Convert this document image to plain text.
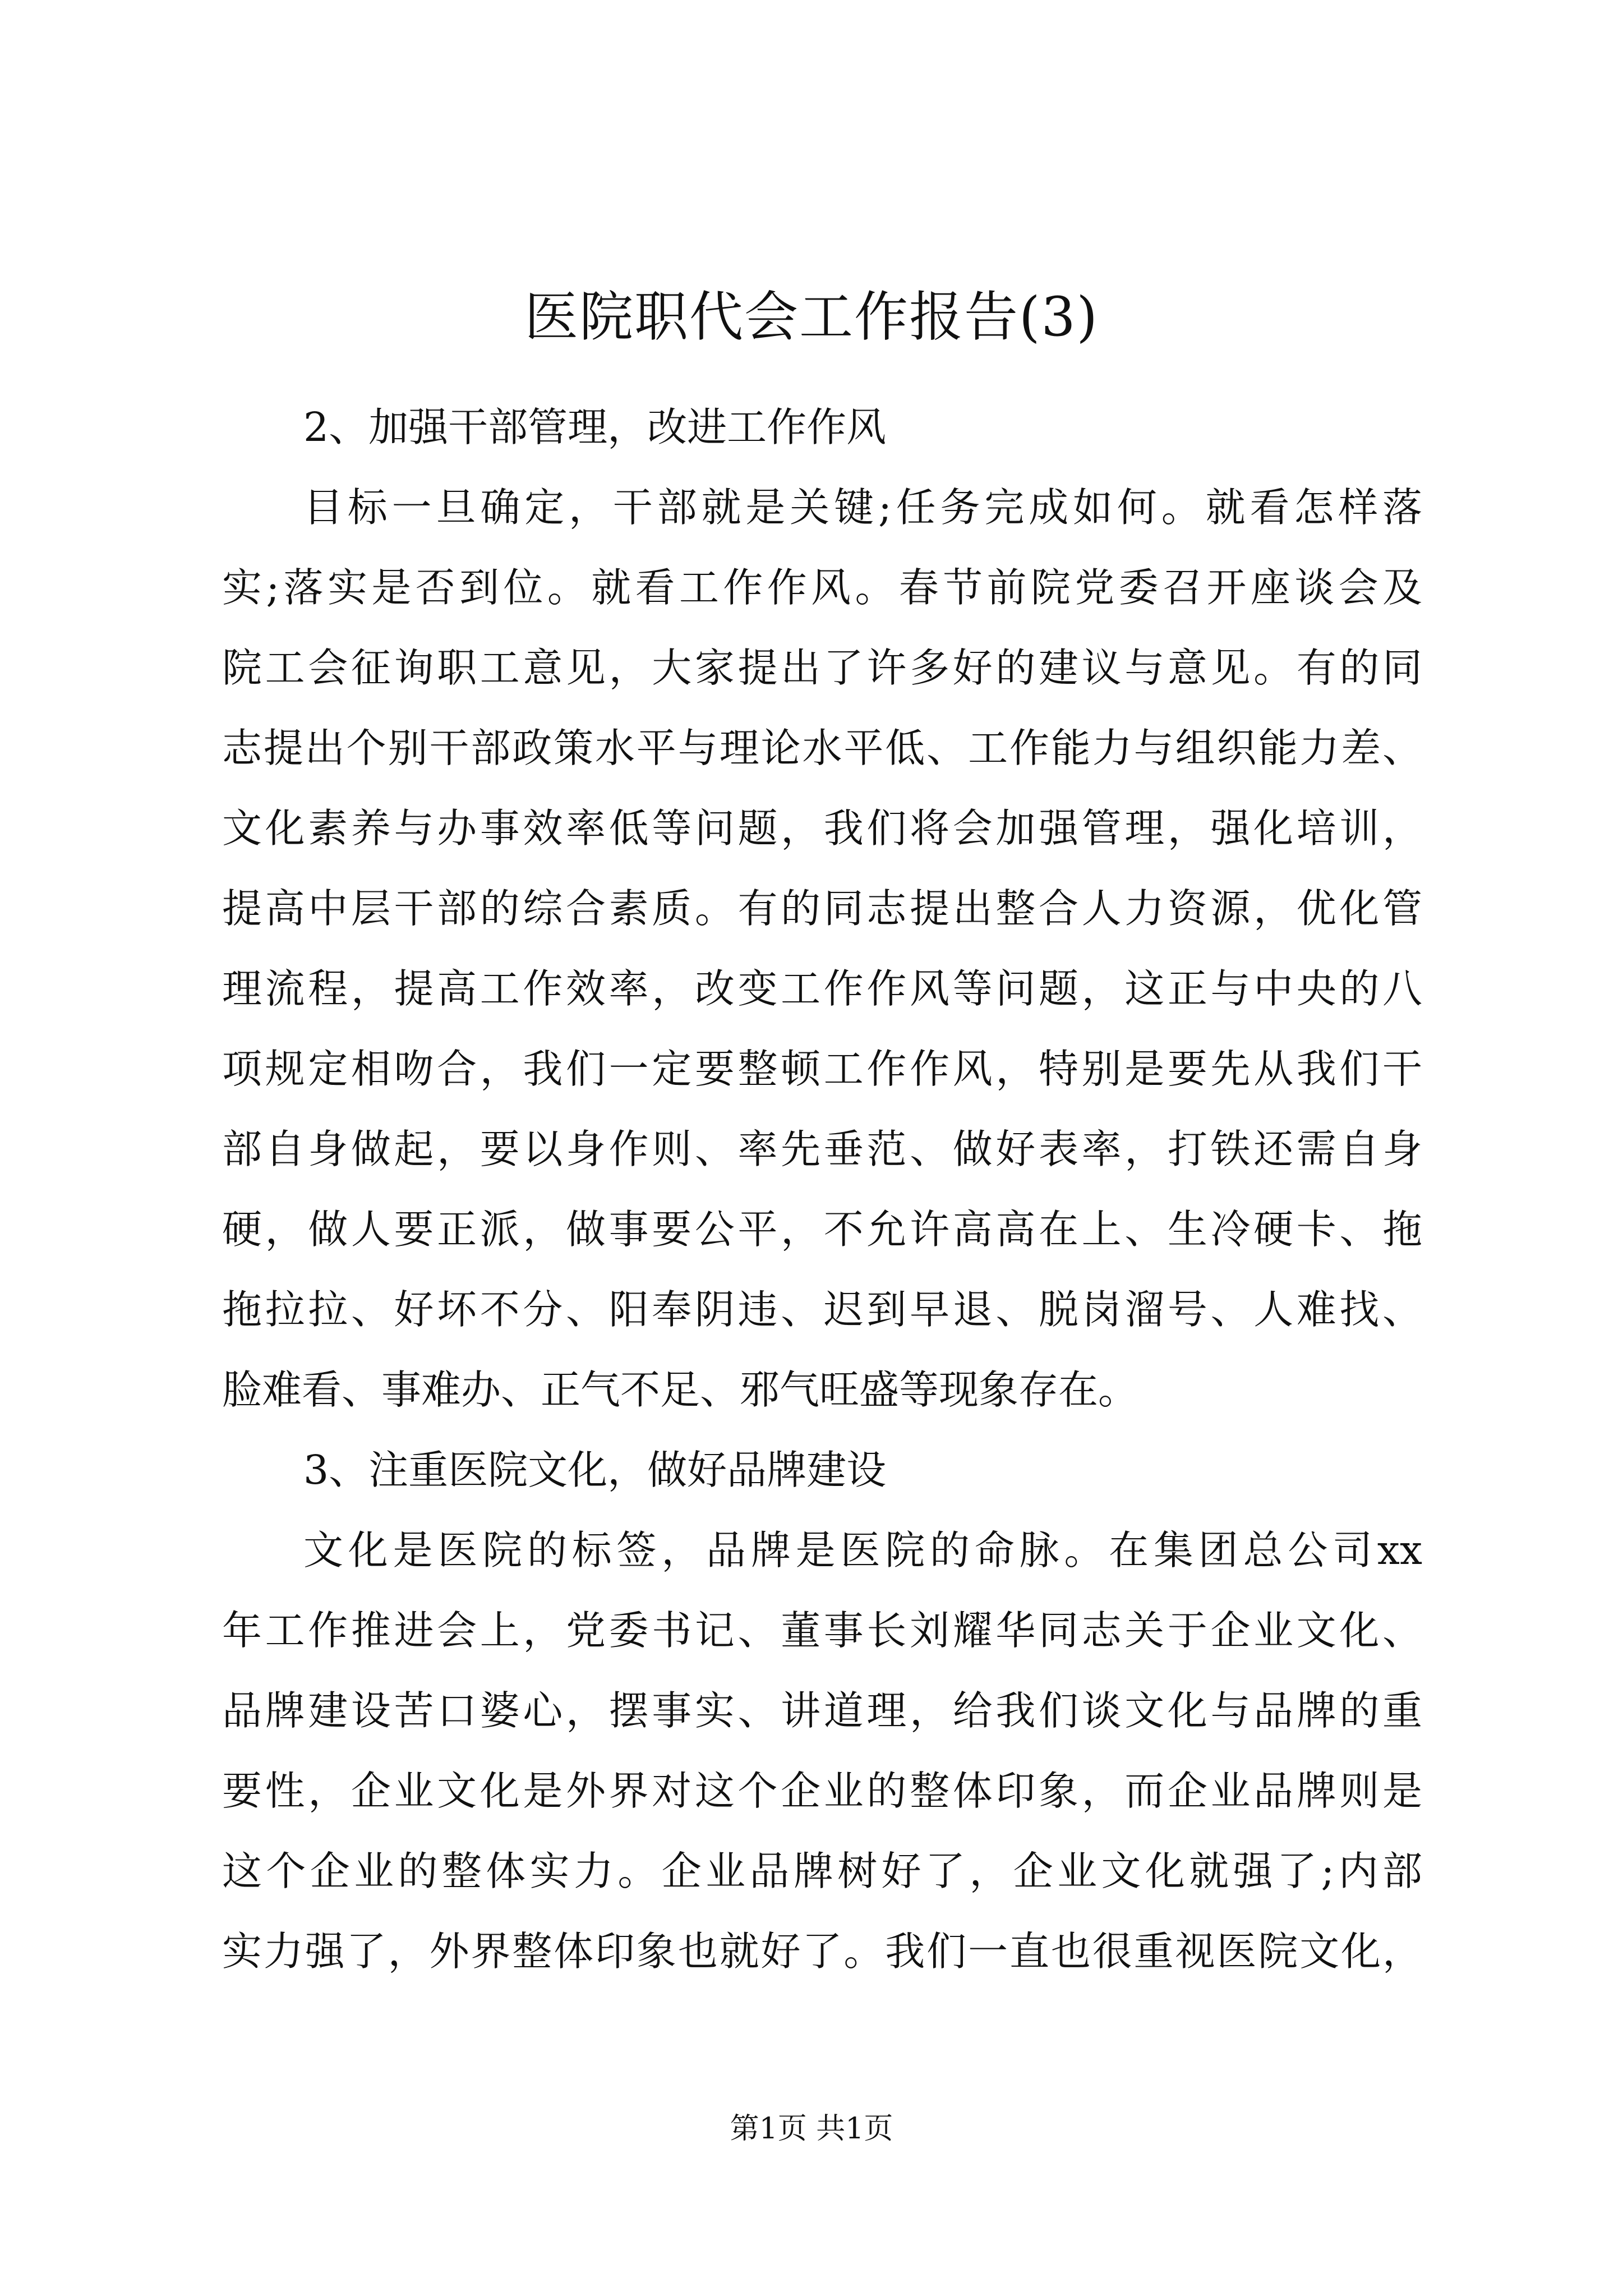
医院职代会工作报告(3)
2、加强干部管理，改进工作作风
目标一旦确定，干部就是关键;任务完成如何。就看怎样落
实;落实是否到位。就看工作作风。春节前院党委召开座谈会及
院工会征询职工意见，大家提出了许多好的建议与意见。有的同
志提出个别干部政策水平与理论水平低、工作能力与组织能力差、
文化素养与办事效率低等问题，我们将会加强管理，强化培训，
提高中层干部的综合素质。有的同志提出整合人力资源，优化管
理流程，提高工作效率，改变工作作风等问题，这正与中央的八
项规定相吻合，我们一定要整顿工作作风，特别是要先从我们干
部自身做起，要以身作则、率先垂范、做好表率，打铁还需自身
硬，做人要正派，做事要公平，不允许高高在上、生冷硬卡、拖
拖拉拉、好坏不分、阳奉阴违、迟到早退、脱岗溜号、人难找、
脸难看、事难办、正气不足、邪气旺盛等现象存在。
3、注重医院文化，做好品牌建设
文化是医院的标签，品牌是医院的命脉。在集团总公司xx
年工作推进会上，党委书记、董事长刘耀华同志关于企业文化、
品牌建设苦口婆心，摆事实、讲道理，给我们谈文化与品牌的重
要性，企业文化是外界对这个企业的整体印象，而企业品牌则是
这个企业的整体实力。企业品牌树好了，企业文化就强了;内部
实力强了，外界整体印象也就好了。我们一直也很重视医院文化，
第1页 共1页
